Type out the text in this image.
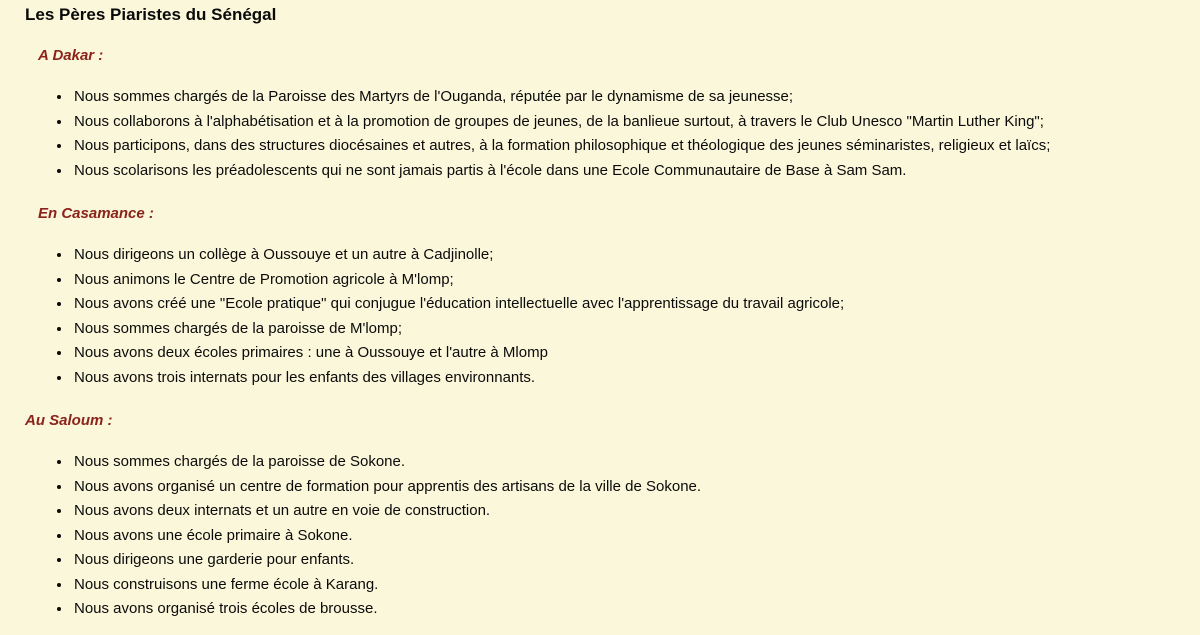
Les Pères Piaristes du Sénégal
A Dakar :
• Nous sommes chargés de la Paroisse des Martyrs de l'Ouganda, réputée par le dynamisme de sa jeunesse;
• Nous collaborons à l'alphabétisation et à la promotion de groupes de jeunes, de la banlieue surtout, à travers le Club Unesco "Martin Luther King";
• Nous participons, dans des structures diocésaines et autres, à la formation philosophique et théologique des jeunes séminaristes, religieux et laïcs;
• Nous scolarisons les préadolescents qui ne sont jamais partis à l'école dans une Ecole Communautaire de Base à Sam Sam.
En Casamance :
• Nous dirigeons un collège à Oussouye et un autre à Cadjinolle;
• Nous animons le Centre de Promotion agricole à M'lomp;
• Nous avons créé une "Ecole pratique" qui conjugue l'éducation intellectuelle avec l'apprentissage du travail agricole;
• Nous sommes chargés de la paroisse de M'lomp;
• Nous avons deux écoles primaires : une à Oussouye et l'autre à Mlomp
• Nous avons trois internats pour les enfants des villages environnants.
Au Saloum :
• Nous sommes chargés de la paroisse de Sokone.
• Nous avons organisé un centre de formation pour apprentis des artisans de la ville de Sokone.
• Nous avons deux internats et un autre en voie de construction.
• Nous avons une école primaire à Sokone.
• Nous dirigeons une garderie pour enfants.
• Nous construisons une ferme école à Karang.
• Nous avons organisé trois écoles de brousse.
